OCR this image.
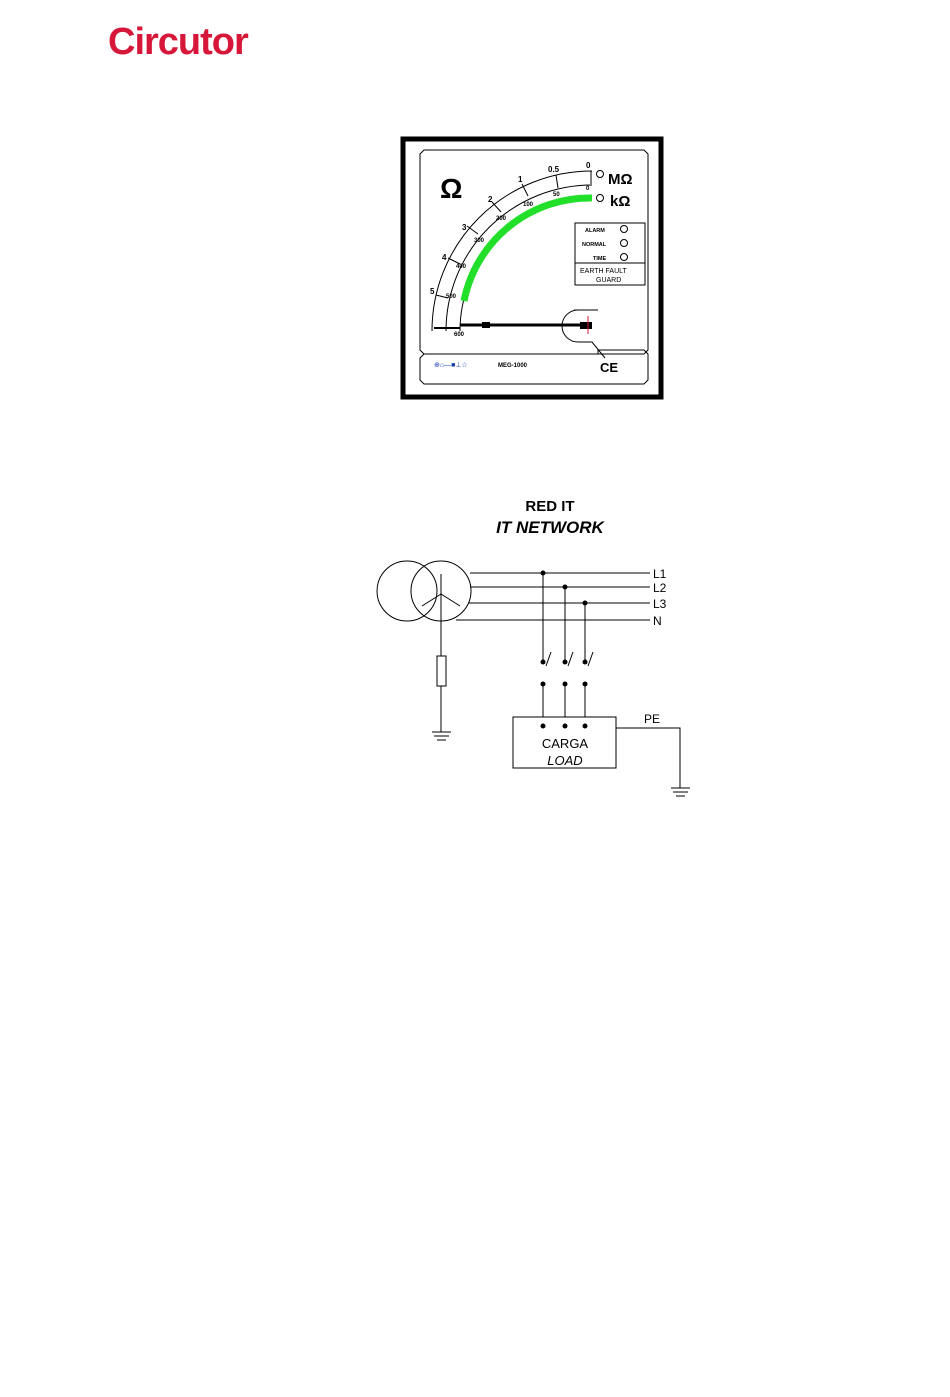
Circutor
Ω
0
0.5
1
2
3
4
5
0
50
100
200
300
400
500
600
MΩ
kΩ
ALARM
NORMAL
TIME
EARTH FAULT
GUARD
⊕⌂—■⊥☆	MEG-1000	CE
RED IT
IT NETWORK
L1
L2
L3
N
CARGA
LOAD
PE
